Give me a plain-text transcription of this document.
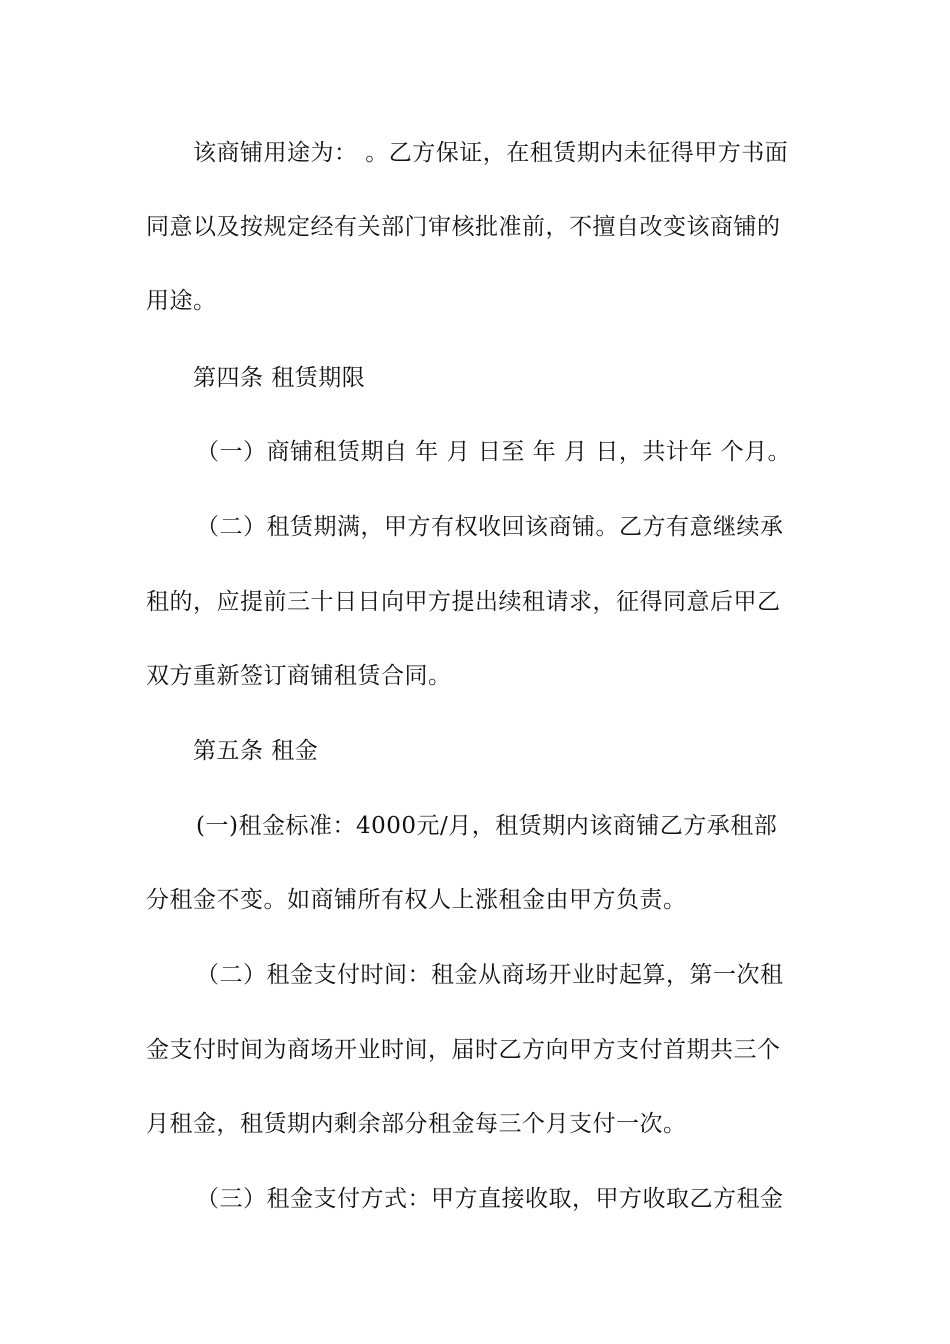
该商铺用途为： 。乙方保证，在租赁期内未征得甲方书面
同意以及按规定经有关部门审核批准前，不擅自改变该商铺的
用途。
第四条 租赁期限
（一）商铺租赁期自 年 月 日至 年 月 日，共计年 个月。
（二）租赁期满，甲方有权收回该商铺。乙方有意继续承
租的，应提前三十日日向甲方提出续租请求，征得同意后甲乙
双方重新签订商铺租赁合同。
第五条 租金
(一)租金标准：4000元/月，租赁期内该商铺乙方承租部
分租金不变。如商铺所有权人上涨租金由甲方负责。
（二）租金支付时间：租金从商场开业时起算，第一次租
金支付时间为商场开业时间，届时乙方向甲方支付首期共三个
月租金，租赁期内剩余部分租金每三个月支付一次。
（三）租金支付方式：甲方直接收取，甲方收取乙方租金
